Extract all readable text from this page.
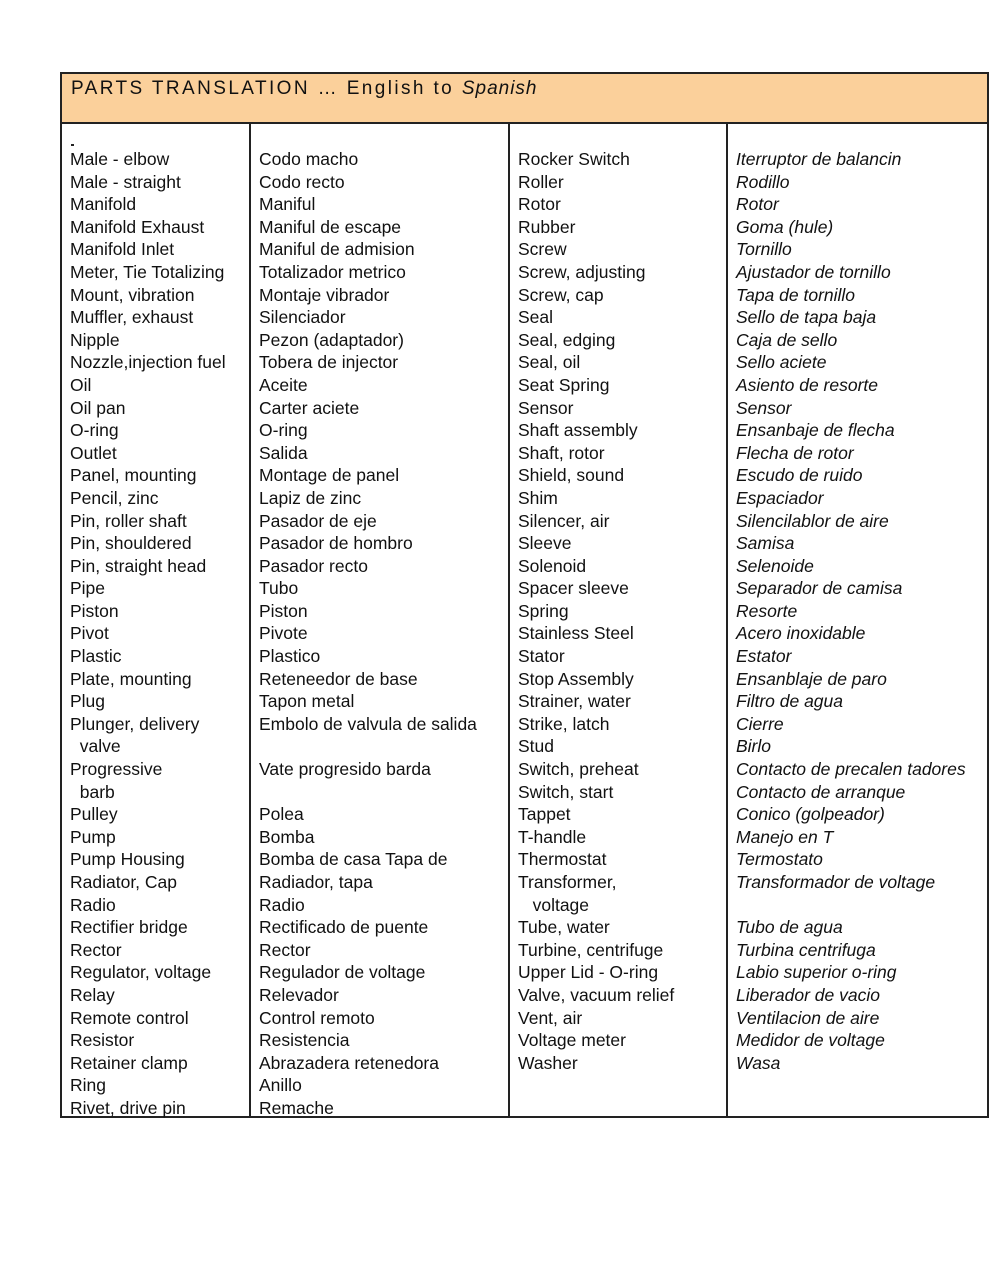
PARTS TRANSLATION … English to Spanish
Male - elbow
Male - straight
Manifold
Manifold Exhaust
Manifold Inlet
Meter, Tie Totalizing
Mount, vibration
Muffler, exhaust
Nipple
Nozzle,injection fuel
Oil
Oil pan
O-ring
Outlet
Panel, mounting
Pencil, zinc
Pin, roller shaft
Pin, shouldered
Pin, straight head
Pipe
Piston
Pivot
Plastic
Plate, mounting
Plug
Plunger, delivery
valve
Progressive
barb
Pulley
Pump
Pump Housing
Radiator, Cap
Radio
Rectifier bridge
Rector
Regulator, voltage
Relay
Remote control
Resistor
Retainer clamp
Ring
Rivet, drive pin
Codo macho
Codo recto
Maniful
Maniful de escape
Maniful de admision
Totalizador metrico
Montaje vibrador
Silenciador
Pezon (adaptador)
Tobera de injector
Aceite
Carter aciete
O-ring
Salida
Montage de panel
Lapiz de zinc
Pasador de eje
Pasador de hombro
Pasador recto
Tubo
Piston
Pivote
Plastico
Reteneedor de base
Tapon metal
Embolo de valvula de salida
Vate progresido barda
Polea
Bomba
Bomba de casa Tapa de
Radiador, tapa
Radio
Rectificado de puente
Rector
Regulador de voltage
Relevador
Control remoto
Resistencia
Abrazadera retenedora
Anillo
Remache
Rocker Switch
Roller
Rotor
Rubber
Screw
Screw, adjusting
Screw, cap
Seal
Seal, edging
Seal, oil
Seat Spring
Sensor
Shaft assembly
Shaft, rotor
Shield, sound
Shim
Silencer, air
Sleeve
Solenoid
Spacer sleeve
Spring
Stainless Steel
Stator
Stop Assembly
Strainer, water
Strike, latch
Stud
Switch, preheat
Switch, start
Tappet
T-handle
Thermostat
Transformer,
voltage
Tube, water
Turbine, centrifuge
Upper Lid - O-ring
Valve, vacuum relief
Vent, air
Voltage meter
Washer
Iterruptor de balancin
Rodillo
Rotor
Goma (hule)
Tornillo
Ajustador de tornillo
Tapa de tornillo
Sello de tapa baja
Caja de sello
Sello aciete
Asiento de resorte
Sensor
Ensanbaje de flecha
Flecha de rotor
Escudo de ruido
Espaciador
Silencilablor de aire
Samisa
Selenoide
Separador de camisa
Resorte
Acero inoxidable
Estator
Ensanblaje de paro
Filtro de agua
Cierre
Birlo
Contacto de precalen tadores
Contacto de arranque
Conico (golpeador)
Manejo en T
Termostato
Transformador de voltage
Tubo de agua
Turbina centrifuga
Labio superior o-ring
Liberador de vacio
Ventilacion de aire
Medidor de voltage
Wasa
